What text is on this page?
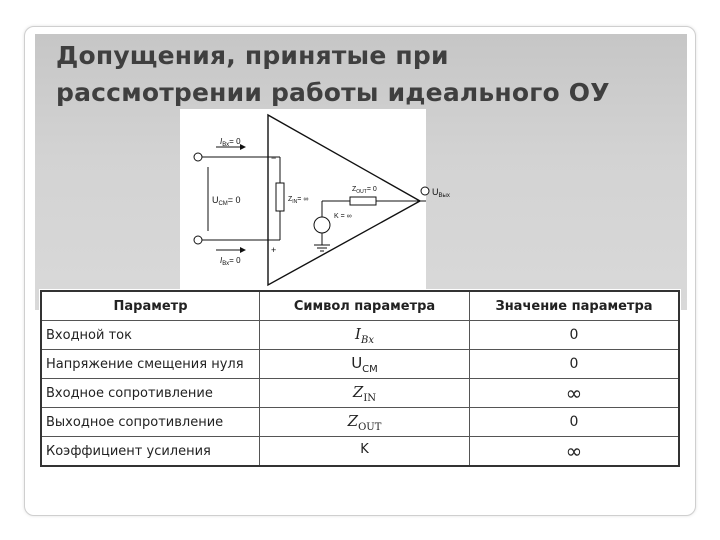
Допущения, принятые при
рассмотрении работы идеального ОУ
$I_{Вх}= 0$
$U_{СМ}= 0$
$I_{Вх}= 0$
$Z_{IN}=$ ∞
$Z_{OUT}= 0$
K = ∞
−
+
$U_{Вых}$
Параметр	Символ параметра	Значение параметра
Входной ток	$I_{Вх}$	0
Напряжение смещения нуля	$U_{СМ}$	0
Входное сопротивление	$Z_{IN}$	∞
Выходное сопротивление	$Z_{OUT}$	0
Коэффициент усиления	K	∞
